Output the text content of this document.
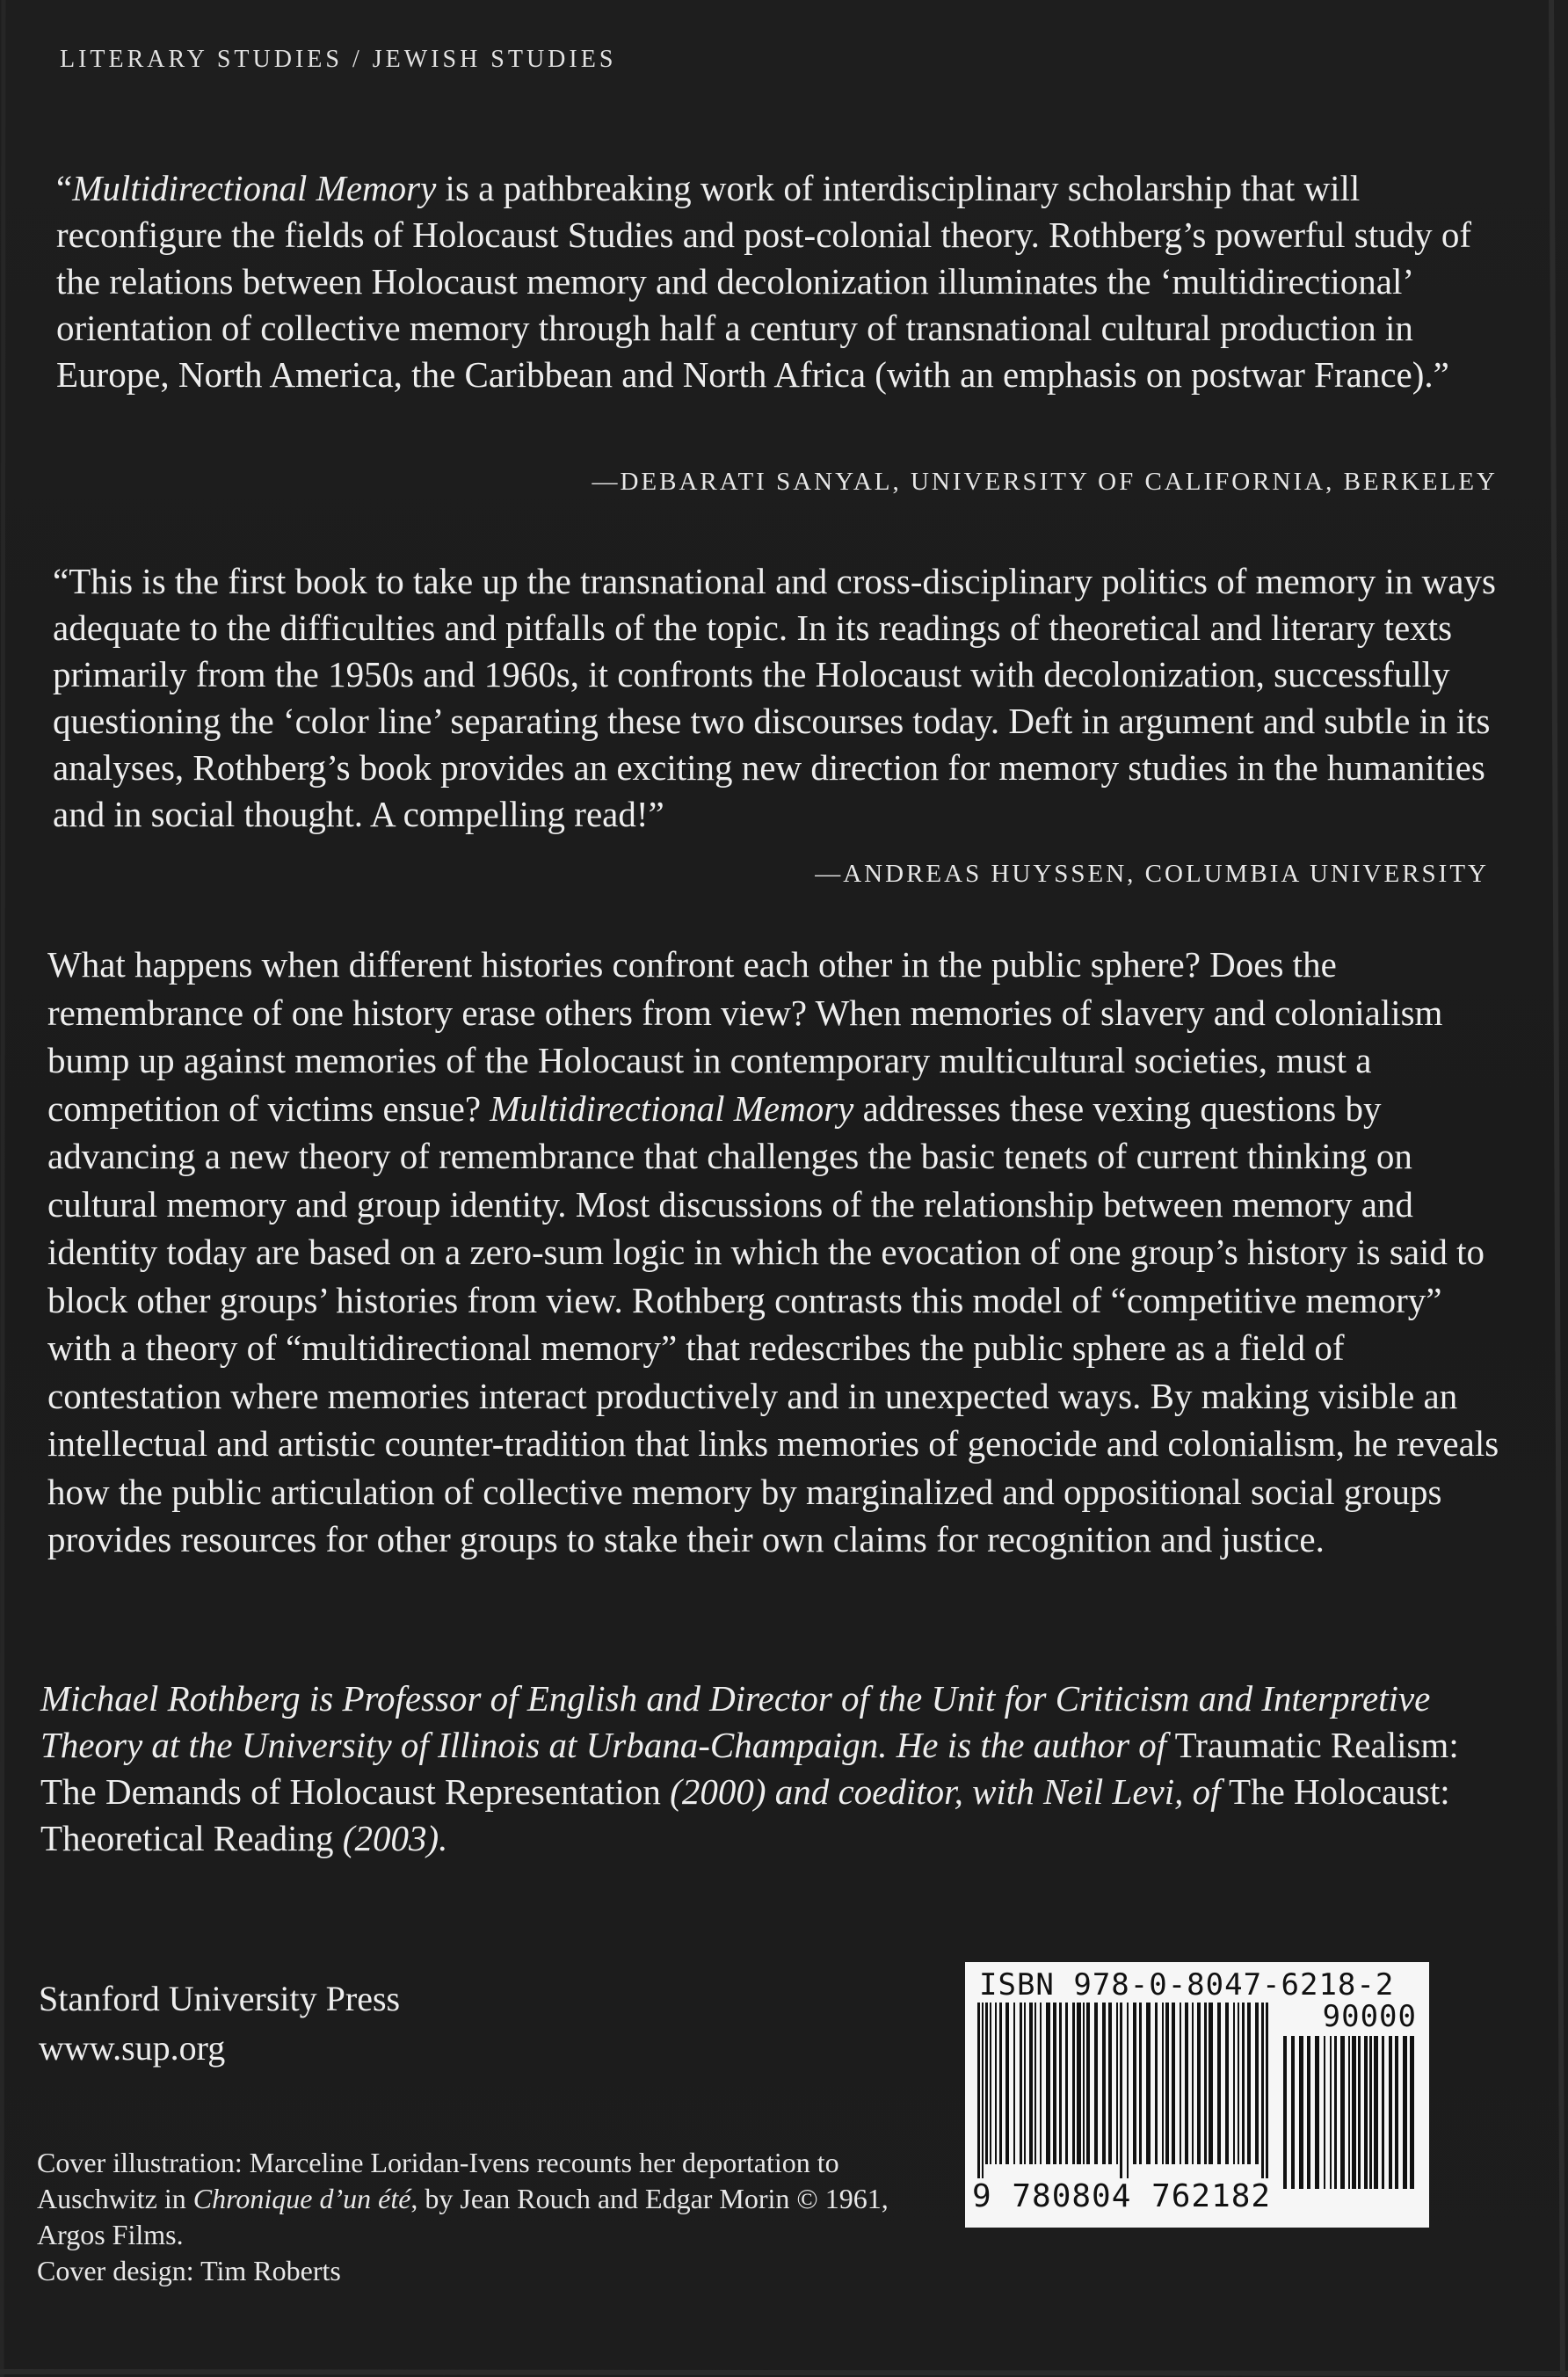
LITERARY STUDIES / JEWISH STUDIES
“Multidirectional Memory is a pathbreaking work of interdisciplinary scholarship that will reconfigure the fields of Holocaust Studies and post-colonial theory. Rothberg’s powerful study of the relations between Holocaust memory and decolonization illuminates the ‘multidirectional’ orientation of collective memory through half a century of transnational cultural production in Europe, North America, the Caribbean and North Africa (with an emphasis on postwar France).”
—DEBARATI SANYAL, UNIVERSITY OF CALIFORNIA, BERKELEY
“This is the first book to take up the transnational and cross-disciplinary politics of memory in ways adequate to the difficulties and pitfalls of the topic. In its readings of theoretical and literary texts primarily from the 1950s and 1960s, it confronts the Holocaust with decolonization, successfully questioning the ‘color line’ separating these two discourses today. Deft in argument and subtle in its analyses, Rothberg’s book provides an exciting new direction for memory studies in the humanities and in social thought. A compelling read!”
—ANDREAS HUYSSEN, COLUMBIA UNIVERSITY
What happens when different histories confront each other in the public sphere? Does the remembrance of one history erase others from view? When memories of slavery and colonialism bump up against memories of the Holocaust in contemporary multicultural societies, must a competition of victims ensue? Multidirectional Memory addresses these vexing questions by advancing a new theory of remembrance that challenges the basic tenets of current thinking on cultural memory and group identity. Most discussions of the relationship between memory and identity today are based on a zero-sum logic in which the evocation of one group’s history is said to block other groups’ histories from view. Rothberg contrasts this model of “competitive memory” with a theory of “multidirectional memory” that redescribes the public sphere as a field of contestation where memories interact productively and in unexpected ways. By making visible an intellectual and artistic counter-tradition that links memories of genocide and colonialism, he reveals how the public articulation of collective memory by marginalized and oppositional social groups provides resources for other groups to stake their own claims for recognition and justice.
Michael Rothberg is Professor of English and Director of the Unit for Criticism and Interpretive Theory at the University of Illinois at Urbana-Champaign. He is the author of Traumatic Realism: The Demands of Holocaust Representation (2000) and coeditor, with Neil Levi, of The Holocaust: Theoretical Reading (2003).
Stanford University Press
www.sup.org
Cover illustration: Marceline Loridan-Ivens recounts her deportation to Auschwitz in Chronique d’un été, by Jean Rouch and Edgar Morin © 1961, Argos Films.
Cover design: Tim Roberts
ISBN 978-0-8047-6218-2
90000
9 780804 762182
